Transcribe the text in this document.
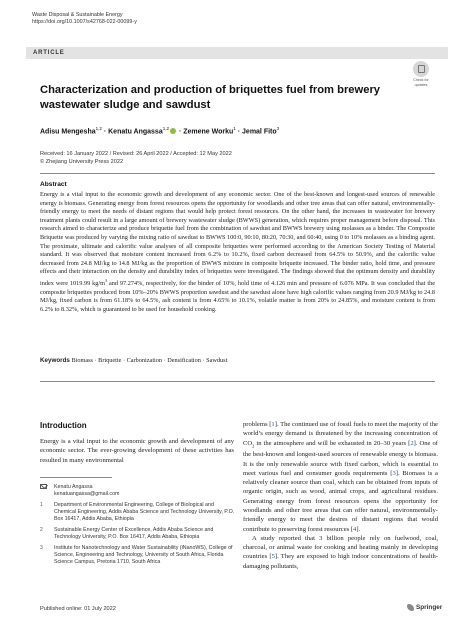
Waste Disposal & Sustainable Energy
https://doi.org/10.1007/s42768-022-00099-y
ARTICLE
Check for
updates
Characterization and production of briquettes fuel from brewery wastewater sludge and sawdust
Adisu Mengesha$^{1,2}$ · Kenatu Angassa$^{1,2}$ · Zemene Worku$^1$ · Jemal Fito$^3$
Received: 16 January 2022 / Revised: 26 April 2022 / Accepted: 12 May 2022
© Zhejiang University Press 2022
Abstract
Energy is a vital input to the economic growth and development of any economic sector. One of the best-known and longest-used sources of renewable energy is biomass. Generating energy from forest resources opens the opportunity for woodlands and other tree areas that can offer natural, environmentally-friendly energy to meet the needs of distant regions that would help protect forest resources. On the other hand, the increases in wastewater for brewery treatment plants could result in a large amount of brewery wastewater sludge (BWWS) generation, which requires proper management before disposal. This research aimed to characterize and produce briquette fuel from the combination of sawdust and BWWS brewery using molasses as a binder. The Composite Briquette was produced by varying the mixing ratio of sawdust to BWWS 100:0, 90:10, 80:20, 70:30, and 60:40, using 0 to 10% molasses as a binding agent. The proximate, ultimate and calorific value analyses of all composite briquettes were performed according to the American Society Testing of Material standard. It was observed that moisture content increased from 6.2% to 10.2%, fixed carbon decreased from 64.5% to 50.9%, and the calorific value decreased from 24.8 MJ/kg to 14.8 MJ/kg as the proportion of BWWS mixture in composite briquette increased. The binder ratio, hold time, and pressure effects and their interaction on the density and durability index of briquettes were investigated. The findings showed that the optimum density and durability index were 1019.99 $kg/m^3$ and 97.274%, respectively, for the binder of 10%, hold time of 4.126 min and pressure of 6.076 MPa. It was concluded that the composite briquettes produced from 10%–20% BWWS proportion sawdust and the sawdust alone have high calorific values ranging from 20.9 MJ/kg to 24.8 MJ/kg, fixed carbon is from 61.18% to 64.5%, ash content is from 4.65% to 10.1%, volatile matter is from 20% to 24.85%, and moisture content is from 6.2% to 8.32%, which is guaranteed to be used for household cooking.
Keywords Biomass · Briquette · Carbonization · Densification · Sawdust
Introduction
Energy is a vital input to the economic growth and development of any economic sector. The ever-growing development of these activities has resulted in many environmental
Kenatu Angassa
kenatuangassa@gmail.com
1 Department of Environmental Engineering, College of Biological and Chemical Engineering, Addis Ababa Science and Technology University, P.O. Box 16417, Addis Ababa, Ethiopia
2 Sustainable Energy Center of Excellence, Addis Ababa Science and Technology University, P.O. Box 16417, Addis Ababa, Ethiopia
3 Institute for Nanotechnology and Water Sustainability (iNanoWS), College of Science, Engineering and Technology, University of South Africa, Florida Science Campus, Pretoria 1710, South Africa

problems [1]. The continued use of fossil fuels to meet the majority of the world’s energy demand is threatened by the increasing concentration of $CO_2$ in the atmosphere and will be exhausted in 20–30 years [2]. One of the best-known and longest-used sources of renewable energy is biomass. It is the only renewable source with fixed carbon, which is essential to meet various fuel and consumer goods requirements [3]. Biomass is a relatively cleaner source than coal, which can be obtained from inputs of organic origin, such as wood, animal crops, and agricultural residues. Generating energy from forest resources opens the opportunity for woodlands and other tree areas that can offer natural, environmentally-friendly energy to meet the desires of distant regions that would contribute to preserving forest resources [4].

A study reported that 3 billion people rely on fuelwood, coal, charcoal, or animal waste for cooking and heating mainly in developing countries [5]. They are exposed to high indoor concentrations of health-damaging pollutants,

Published online: 01 July 2022	Springer
